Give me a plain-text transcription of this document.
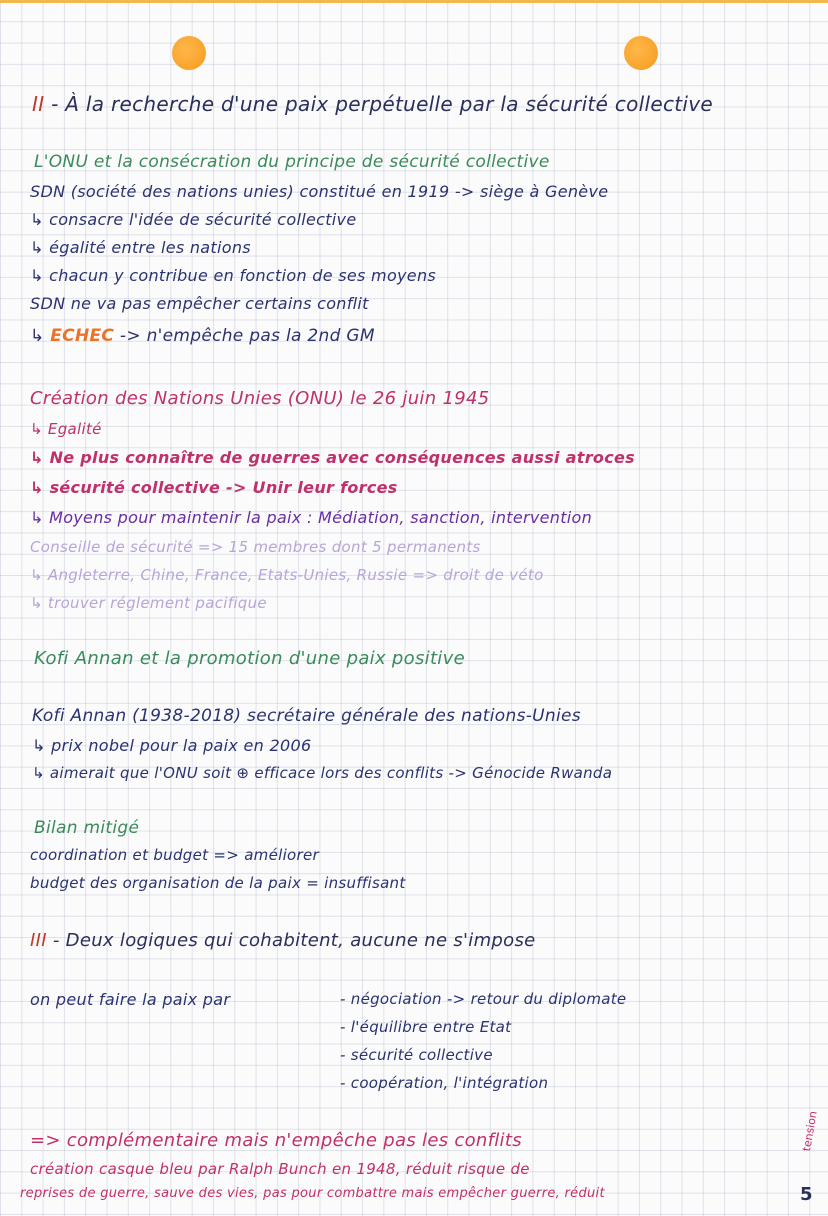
II - À la recherche d'une paix perpétuelle par la sécurité collective
L'ONU et la consécration du principe de sécurité collective
SDN (société des nations unies) constitué en 1919 -> siège à Genève
↳ consacre l'idée de sécurité collective
↳ égalité entre les nations
↳ chacun y contribue en fonction de ses moyens
SDN ne va pas empêcher certains conflit
↳ ECHEC -> n'empêche pas la 2nd GM
Création des Nations Unies (ONU) le 26 juin 1945
↳ Egalité
↳ Ne plus connaître de guerres avec conséquences aussi atroces
↳ sécurité collective -> Unir leur forces
↳ Moyens pour maintenir la paix : Médiation, sanction, intervention
Conseille de sécurité => 15 membres dont 5 permanents
↳ Angleterre, Chine, France, Etats-Unies, Russie => droit de véto
↳ trouver réglement pacifique
Kofi Annan et la promotion d'une paix positive
Kofi Annan (1938-2018) secrétaire générale des nations-Unies
↳ prix nobel pour la paix en 2006
↳ aimerait que l'ONU soit ⊕ efficace lors des conflits -> Génocide Rwanda
Bilan mitigé
coordination et budget => améliorer
budget des organisation de la paix = insuffisant
III - Deux logiques qui cohabitent, aucune ne s'impose
on peut faire la paix par	- négociation -> retour du diplomate
- l'équilibre entre Etat
- sécurité collective
- coopération, l'intégration
=> complémentaire mais n'empêche pas les conflits
création casque bleu par Ralph Bunch en 1948, réduit risque de
reprises de guerre, sauve des vies, pas pour combattre mais empêcher guerre, réduit
tension
5
